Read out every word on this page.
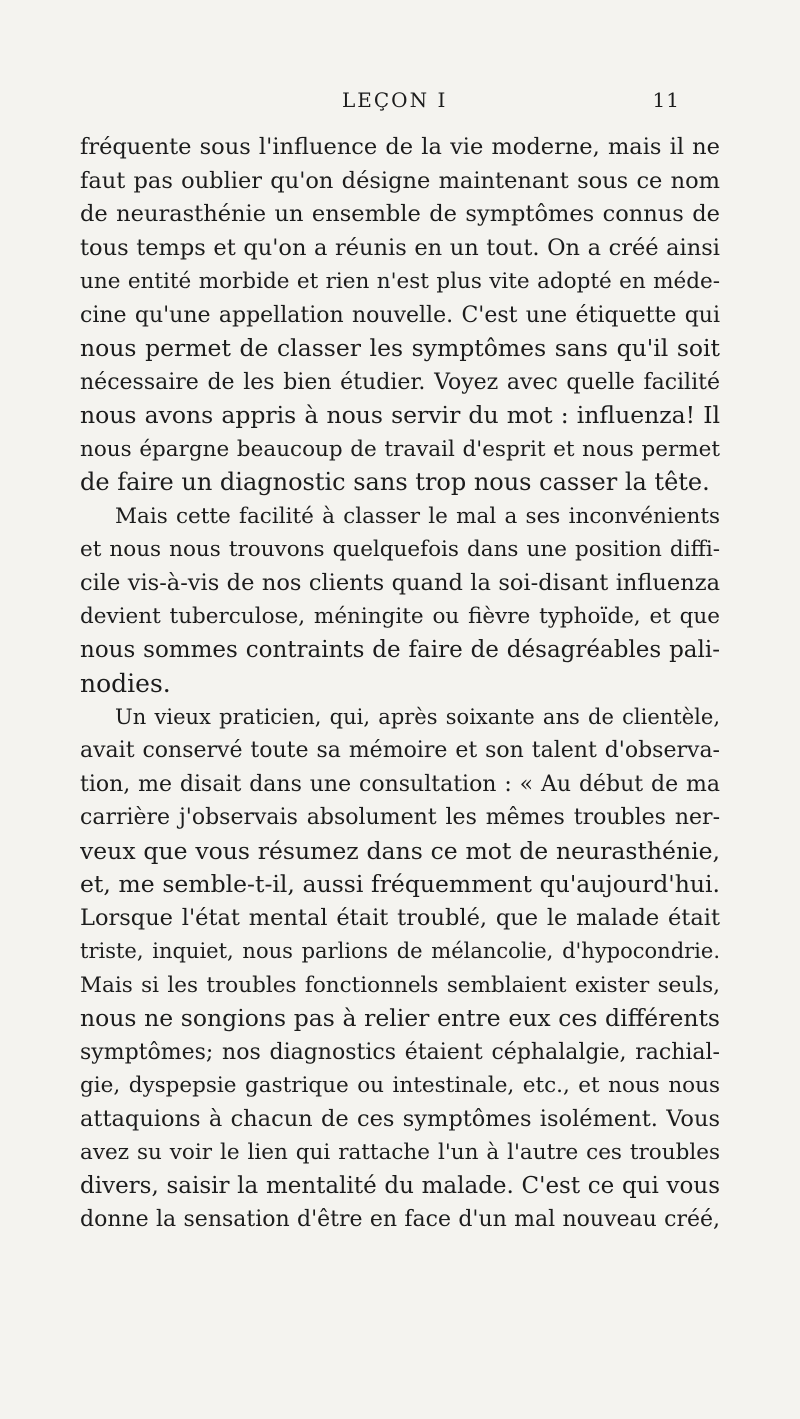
LEÇON I	11
fréquente sous l'influence de la vie moderne, mais il ne
faut pas oublier qu'on désigne maintenant sous ce nom
de neurasthénie un ensemble de symptômes connus de
tous temps et qu'on a réunis en un tout. On a créé ainsi
une entité morbide et rien n'est plus vite adopté en méde-
cine qu'une appellation nouvelle. C'est une étiquette qui
nous permet de classer les symptômes sans qu'il soit
nécessaire de les bien étudier. Voyez avec quelle facilité
nous avons appris à nous servir du mot : influenza! Il
nous épargne beaucoup de travail d'esprit et nous permet
de faire un diagnostic sans trop nous casser la tête.
Mais cette facilité à classer le mal a ses inconvénients
et nous nous trouvons quelquefois dans une position diffi-
cile vis-à-vis de nos clients quand la soi-disant influenza
devient tuberculose, méningite ou fièvre typhoïde, et que
nous sommes contraints de faire de désagréables pali-
nodies.
Un vieux praticien, qui, après soixante ans de clientèle,
avait conservé toute sa mémoire et son talent d'observa-
tion, me disait dans une consultation : « Au début de ma
carrière j'observais absolument les mêmes troubles ner-
veux que vous résumez dans ce mot de neurasthénie,
et, me semble-t-il, aussi fréquemment qu'aujourd'hui.
Lorsque l'état mental était troublé, que le malade était
triste, inquiet, nous parlions de mélancolie, d'hypocondrie.
Mais si les troubles fonctionnels semblaient exister seuls,
nous ne songions pas à relier entre eux ces différents
symptômes; nos diagnostics étaient céphalalgie, rachial-
gie, dyspepsie gastrique ou intestinale, etc., et nous nous
attaquions à chacun de ces symptômes isolément. Vous
avez su voir le lien qui rattache l'un à l'autre ces troubles
divers, saisir la mentalité du malade. C'est ce qui vous
donne la sensation d'être en face d'un mal nouveau créé,
